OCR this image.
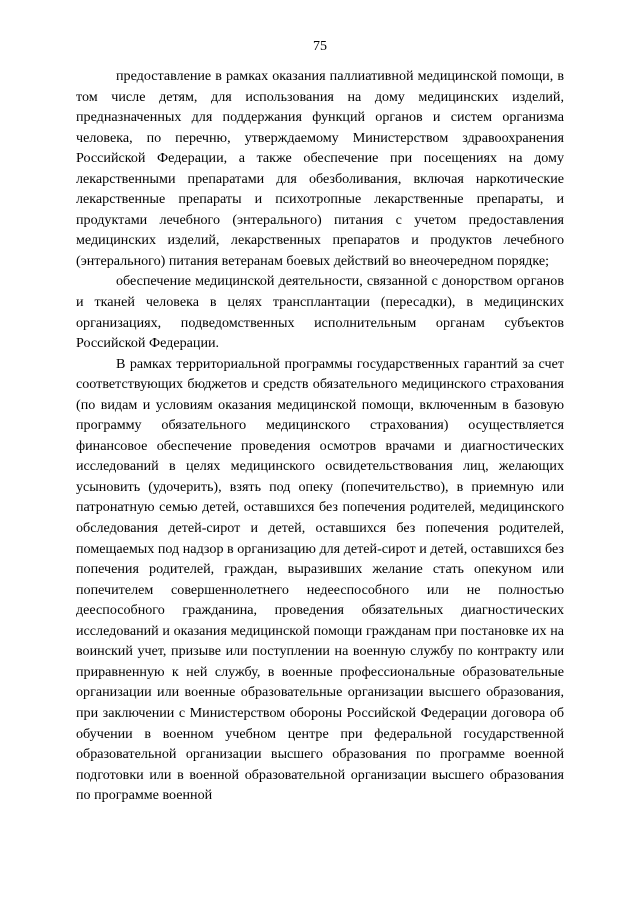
75

предоставление в рамках оказания паллиативной медицинской помощи, в том числе детям, для использования на дому медицинских изделий, предназначенных для поддержания функций органов и систем организма человека, по перечню, утверждаемому Министерством здравоохранения Российской Федерации, а также обеспечение при посещениях на дому лекарственными препаратами для обезболивания, включая наркотические лекарственные препараты и психотропные лекарственные препараты, и продуктами лечебного (энтерального) питания с учетом предоставления медицинских изделий, лекарственных препаратов и продуктов лечебного (энтерального) питания ветеранам боевых действий во внеочередном порядке;

обеспечение медицинской деятельности, связанной с донорством органов и тканей человека в целях трансплантации (пересадки), в медицинских организациях, подведомственных исполнительным органам субъектов Российской Федерации.

В рамках территориальной программы государственных гарантий за счет соответствующих бюджетов и средств обязательного медицинского страхования (по видам и условиям оказания медицинской помощи, включенным в базовую программу обязательного медицинского страхования) осуществляется финансовое обеспечение проведения осмотров врачами и диагностических исследований в целях медицинского освидетельствования лиц, желающих усыновить (удочерить), взять под опеку (попечительство), в приемную или патронатную семью детей, оставшихся без попечения родителей, медицинского обследования детей-сирот и детей, оставшихся без попечения родителей, помещаемых под надзор в организацию для детей-сирот и детей, оставшихся без попечения родителей, граждан, выразивших желание стать опекуном или попечителем совершеннолетнего недееспособного или не полностью дееспособного гражданина, проведения обязательных диагностических исследований и оказания медицинской помощи гражданам при постановке их на воинский учет, призыве или поступлении на военную службу по контракту или приравненную к ней службу, в военные профессиональные образовательные организации или военные образовательные организации высшего образования, при заключении с Министерством обороны Российской Федерации договора об обучении в военном учебном центре при федеральной государственной образовательной организации высшего образования по программе военной подготовки или в военной образовательной организации высшего образования по программе военной
